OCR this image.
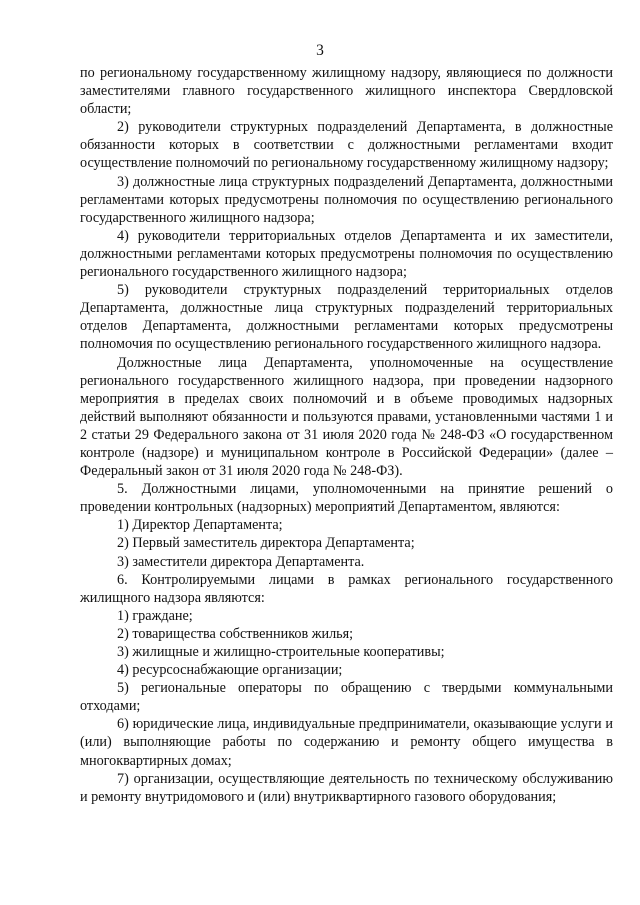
3

по региональному государственному жилищному надзору, являющиеся по должности заместителями главного государственного жилищного инспектора Свердловской области;

2) руководители структурных подразделений Департамента, в должностные обязанности которых в соответствии с должностными регламентами входит осуществление полномочий по региональному государственному жилищному надзору;

3) должностные лица структурных подразделений Департамента, должностными регламентами которых предусмотрены полномочия по осуществлению регионального государственного жилищного надзора;

4) руководители территориальных отделов Департамента и их заместители, должностными регламентами которых предусмотрены полномочия по осуществлению регионального государственного жилищного надзора;

5) руководители структурных подразделений территориальных отделов Департамента, должностные лица структурных подразделений территориальных отделов Департамента, должностными регламентами которых предусмотрены полномочия по осуществлению регионального государственного жилищного надзора.

Должностные лица Департамента, уполномоченные на осуществление регионального государственного жилищного надзора, при проведении надзорного мероприятия в пределах своих полномочий и в объеме проводимых надзорных действий выполняют обязанности и пользуются правами, установленными частями 1 и 2 статьи 29 Федерального закона от 31 июля 2020 года № 248-ФЗ «О государственном контроле (надзоре) и муниципальном контроле в Российской Федерации» (далее – Федеральный закон от 31 июля 2020 года № 248-ФЗ).

5. Должностными лицами, уполномоченными на принятие решений о проведении контрольных (надзорных) мероприятий Департаментом, являются:

1) Директор Департамента;

2) Первый заместитель директора Департамента;

3) заместители директора Департамента.

6. Контролируемыми лицами в рамках регионального государственного жилищного надзора являются:

1) граждане;

2) товарищества собственников жилья;

3) жилищные и жилищно-строительные кооперативы;

4) ресурсоснабжающие организации;

5) региональные операторы по обращению с твердыми коммунальными отходами;

6) юридические лица, индивидуальные предприниматели, оказывающие услуги и (или) выполняющие работы по содержанию и ремонту общего имущества в многоквартирных домах;

7) организации, осуществляющие деятельность по техническому обслуживанию и ремонту внутридомового и (или) внутриквартирного газового оборудования;
